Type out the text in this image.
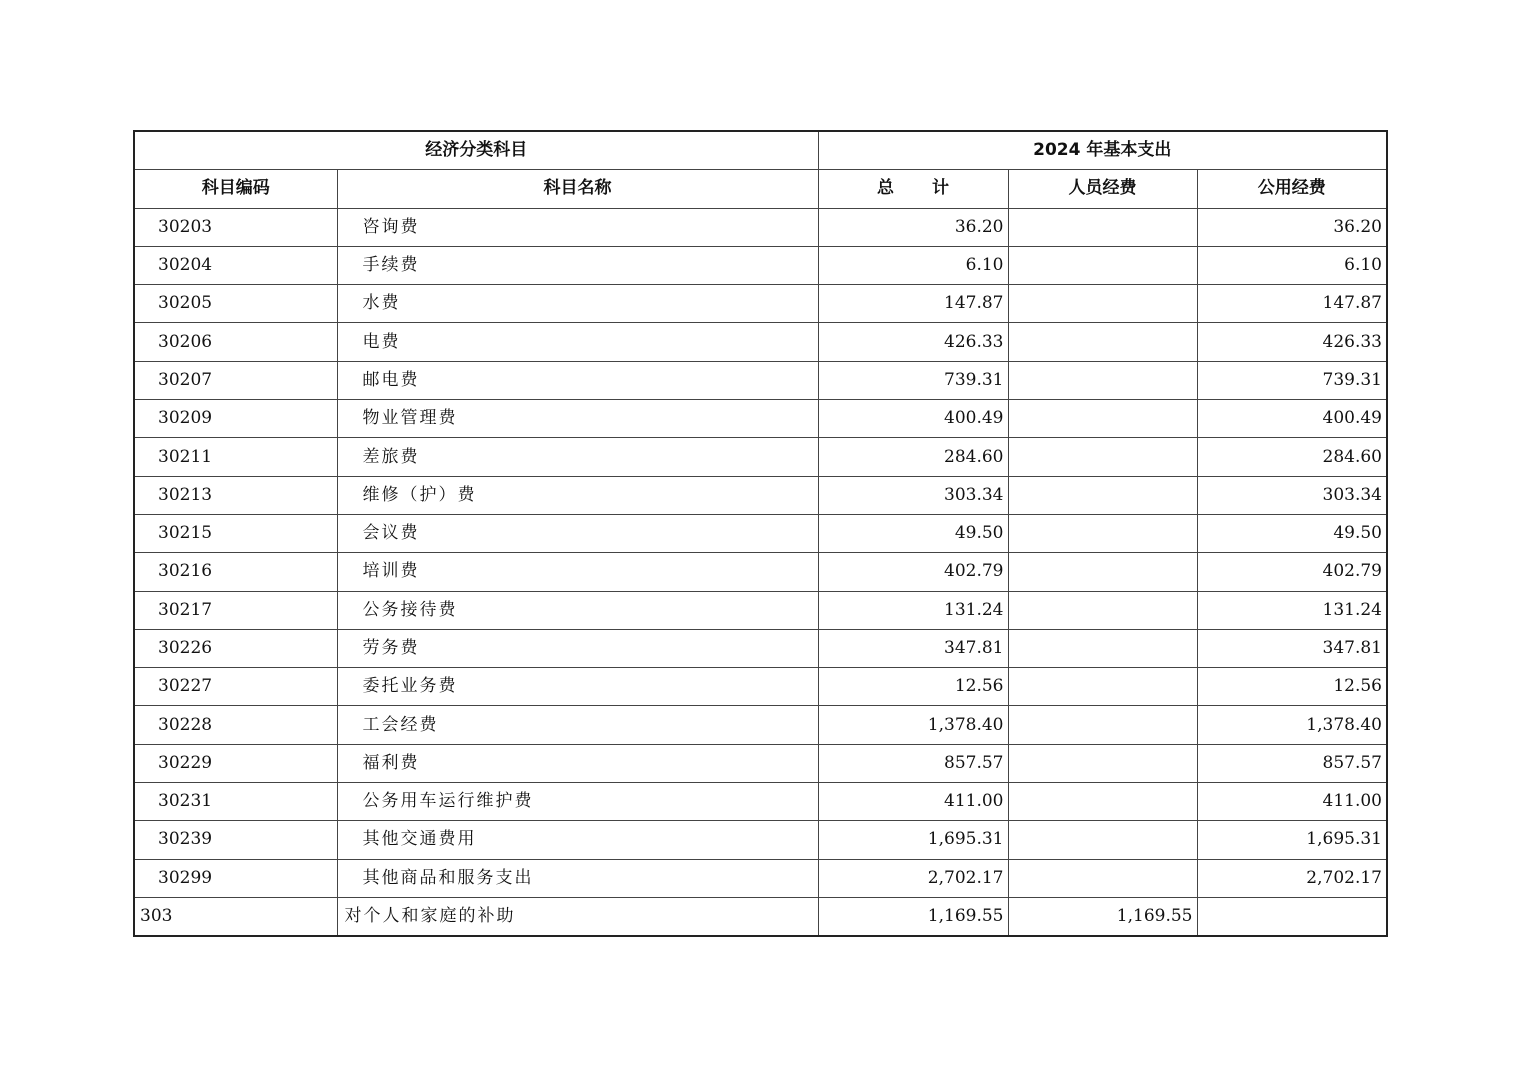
经济分类科目		2024 年基本支出		
科目编码	科目名称	总计	人员经费	公用经费
30203	咨询费	36.20		36.20
30204	手续费	6.10		6.10
30205	水费	147.87		147.87
30206	电费	426.33		426.33
30207	邮电费	739.31		739.31
30209	物业管理费	400.49		400.49
30211	差旅费	284.60		284.60
30213	维修（护）费	303.34		303.34
30215	会议费	49.50		49.50
30216	培训费	402.79		402.79
30217	公务接待费	131.24		131.24
30226	劳务费	347.81		347.81
30227	委托业务费	12.56		12.56
30228	工会经费	1,378.40		1,378.40
30229	福利费	857.57		857.57
30231	公务用车运行维护费	411.00		411.00
30239	其他交通费用	1,695.31		1,695.31
30299	其他商品和服务支出	2,702.17		2,702.17
303	对个人和家庭的补助	1,169.55	1,169.55	
